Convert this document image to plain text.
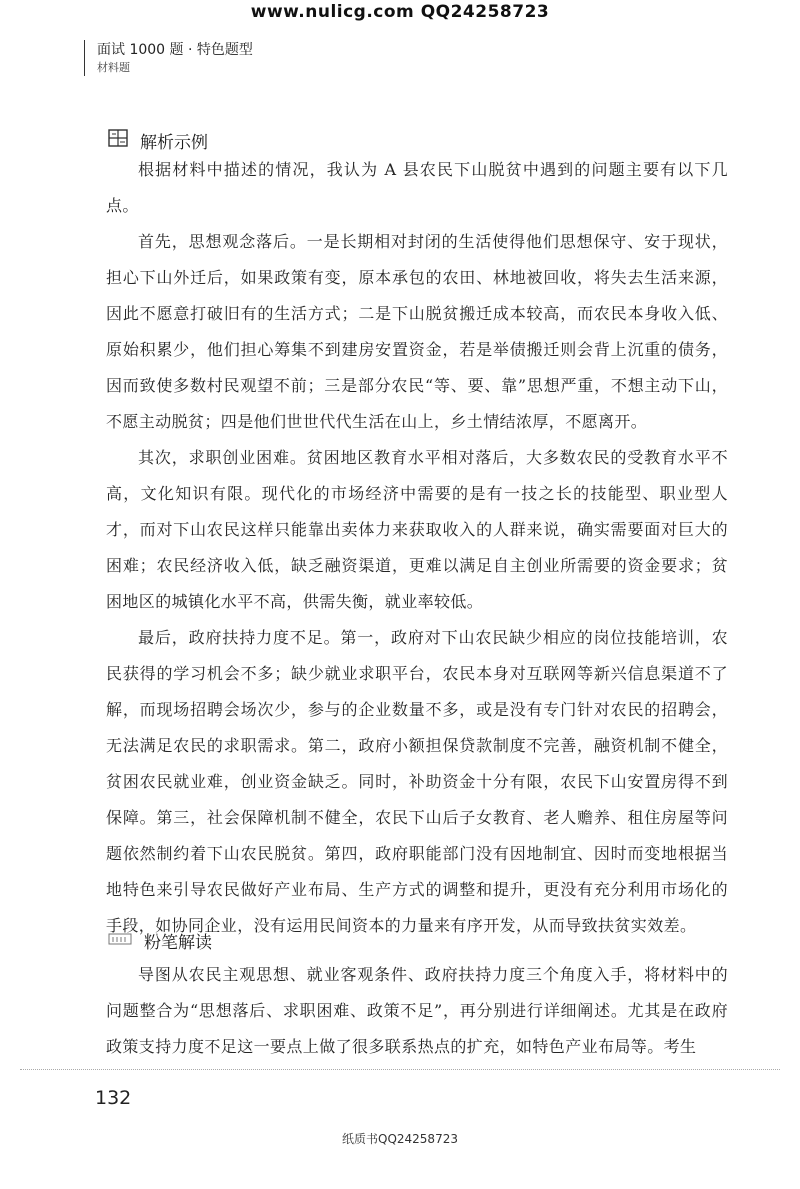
www.nulicg.com QQ24258723
面试 1000 题 · 特色题型
材料题
解析示例

根据材料中描述的情况，我认为 A 县农民下山脱贫中遇到的问题主要有以下几点。

首先，思想观念落后。一是长期相对封闭的生活使得他们思想保守、安于现状，担心下山外迁后，如果政策有变，原本承包的农田、林地被回收，将失去生活来源，因此不愿意打破旧有的生活方式；二是下山脱贫搬迁成本较高，而农民本身收入低、原始积累少，他们担心筹集不到建房安置资金，若是举债搬迁则会背上沉重的债务，因而致使多数村民观望不前；三是部分农民“等、要、靠”思想严重，不想主动下山，不愿主动脱贫；四是他们世世代代生活在山上，乡土情结浓厚，不愿离开。

其次，求职创业困难。贫困地区教育水平相对落后，大多数农民的受教育水平不高，文化知识有限。现代化的市场经济中需要的是有一技之长的技能型、职业型人才，而对下山农民这样只能靠出卖体力来获取收入的人群来说，确实需要面对巨大的困难；农民经济收入低，缺乏融资渠道，更难以满足自主创业所需要的资金要求；贫困地区的城镇化水平不高，供需失衡，就业率较低。

最后，政府扶持力度不足。第一，政府对下山农民缺少相应的岗位技能培训，农民获得的学习机会不多；缺少就业求职平台，农民本身对互联网等新兴信息渠道不了解，而现场招聘会场次少，参与的企业数量不多，或是没有专门针对农民的招聘会，无法满足农民的求职需求。第二，政府小额担保贷款制度不完善，融资机制不健全，贫困农民就业难，创业资金缺乏。同时，补助资金十分有限，农民下山安置房得不到保障。第三，社会保障机制不健全，农民下山后子女教育、老人赡养、租住房屋等问题依然制约着下山农民脱贫。第四，政府职能部门没有因地制宜、因时而变地根据当地特色来引导农民做好产业布局、生产方式的调整和提升，更没有充分利用市场化的手段，如协同企业，没有运用民间资本的力量来有序开发，从而导致扶贫实效差。

粉笔解读

导图从农民主观思想、就业客观条件、政府扶持力度三个角度入手，将材料中的问题整合为“思想落后、求职困难、政策不足”，再分别进行详细阐述。尤其是在政府政策支持力度不足这一要点上做了很多联系热点的扩充，如特色产业布局等。考生

132
纸质书QQ24258723
